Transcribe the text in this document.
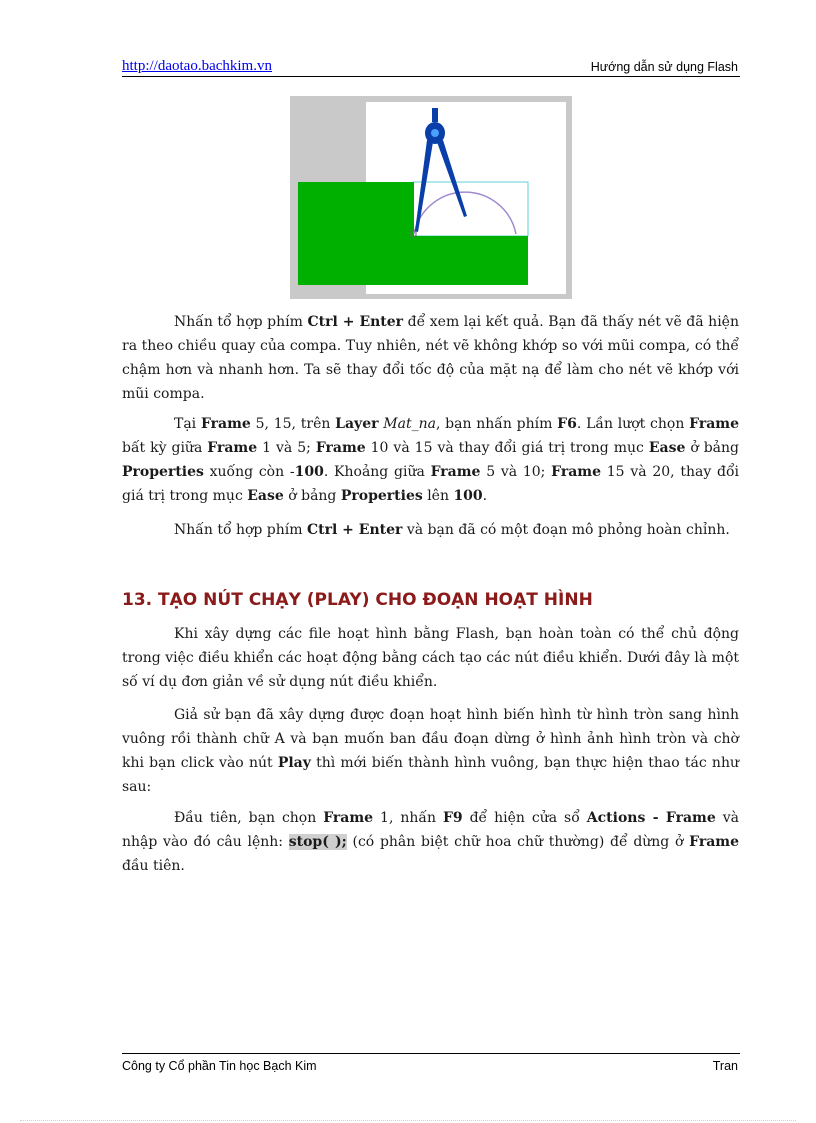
http://daotao.bachkim.vn	Hướng dẫn sử dụng Flash

Nhấn tổ hợp phím Ctrl + Enter để xem lại kết quả. Bạn đã thấy nét vẽ đã hiện ra theo chiều quay của compa. Tuy nhiên, nét vẽ không khớp so với mũi compa, có thể chậm hơn và nhanh hơn. Ta sẽ thay đổi tốc độ của mặt nạ để làm cho nét vẽ khớp với mũi compa.

Tại Frame 5, 15, trên Layer Mat_na, bạn nhấn phím F6. Lần lượt chọn Frame bất kỳ giữa Frame 1 và 5; Frame 10 và 15 và thay đổi giá trị trong mục Ease ở bảng Properties xuống còn -100. Khoảng giữa Frame 5 và 10; Frame 15 và 20, thay đổi giá trị trong mục Ease ở bảng Properties lên 100.

Nhấn tổ hợp phím Ctrl + Enter và bạn đã có một đoạn mô phỏng hoàn chỉnh.

13. TẠO NÚT CHẠY (PLAY) CHO ĐOẠN HOẠT HÌNH

Khi xây dựng các file hoạt hình bằng Flash, bạn hoàn toàn có thể chủ động trong việc điều khiển các hoạt động bằng cách tạo các nút điều khiển. Dưới đây là một số ví dụ đơn giản về sử dụng nút điều khiển.

Giả sử bạn đã xây dựng được đoạn hoạt hình biến hình từ hình tròn sang hình vuông rồi thành chữ A và bạn muốn ban đầu đoạn dừng ở hình ảnh hình tròn và chờ khi bạn click vào nút Play thì mới biến thành hình vuông, bạn thực hiện thao tác như sau:

Đầu tiên, bạn chọn Frame 1, nhấn F9 để hiện cửa sổ Actions - Frame và nhập vào đó câu lệnh: stop( ); (có phân biệt chữ hoa chữ thường) để dừng ở Frame đầu tiên.

Công ty Cổ phần Tin học Bạch Kim	Tran
